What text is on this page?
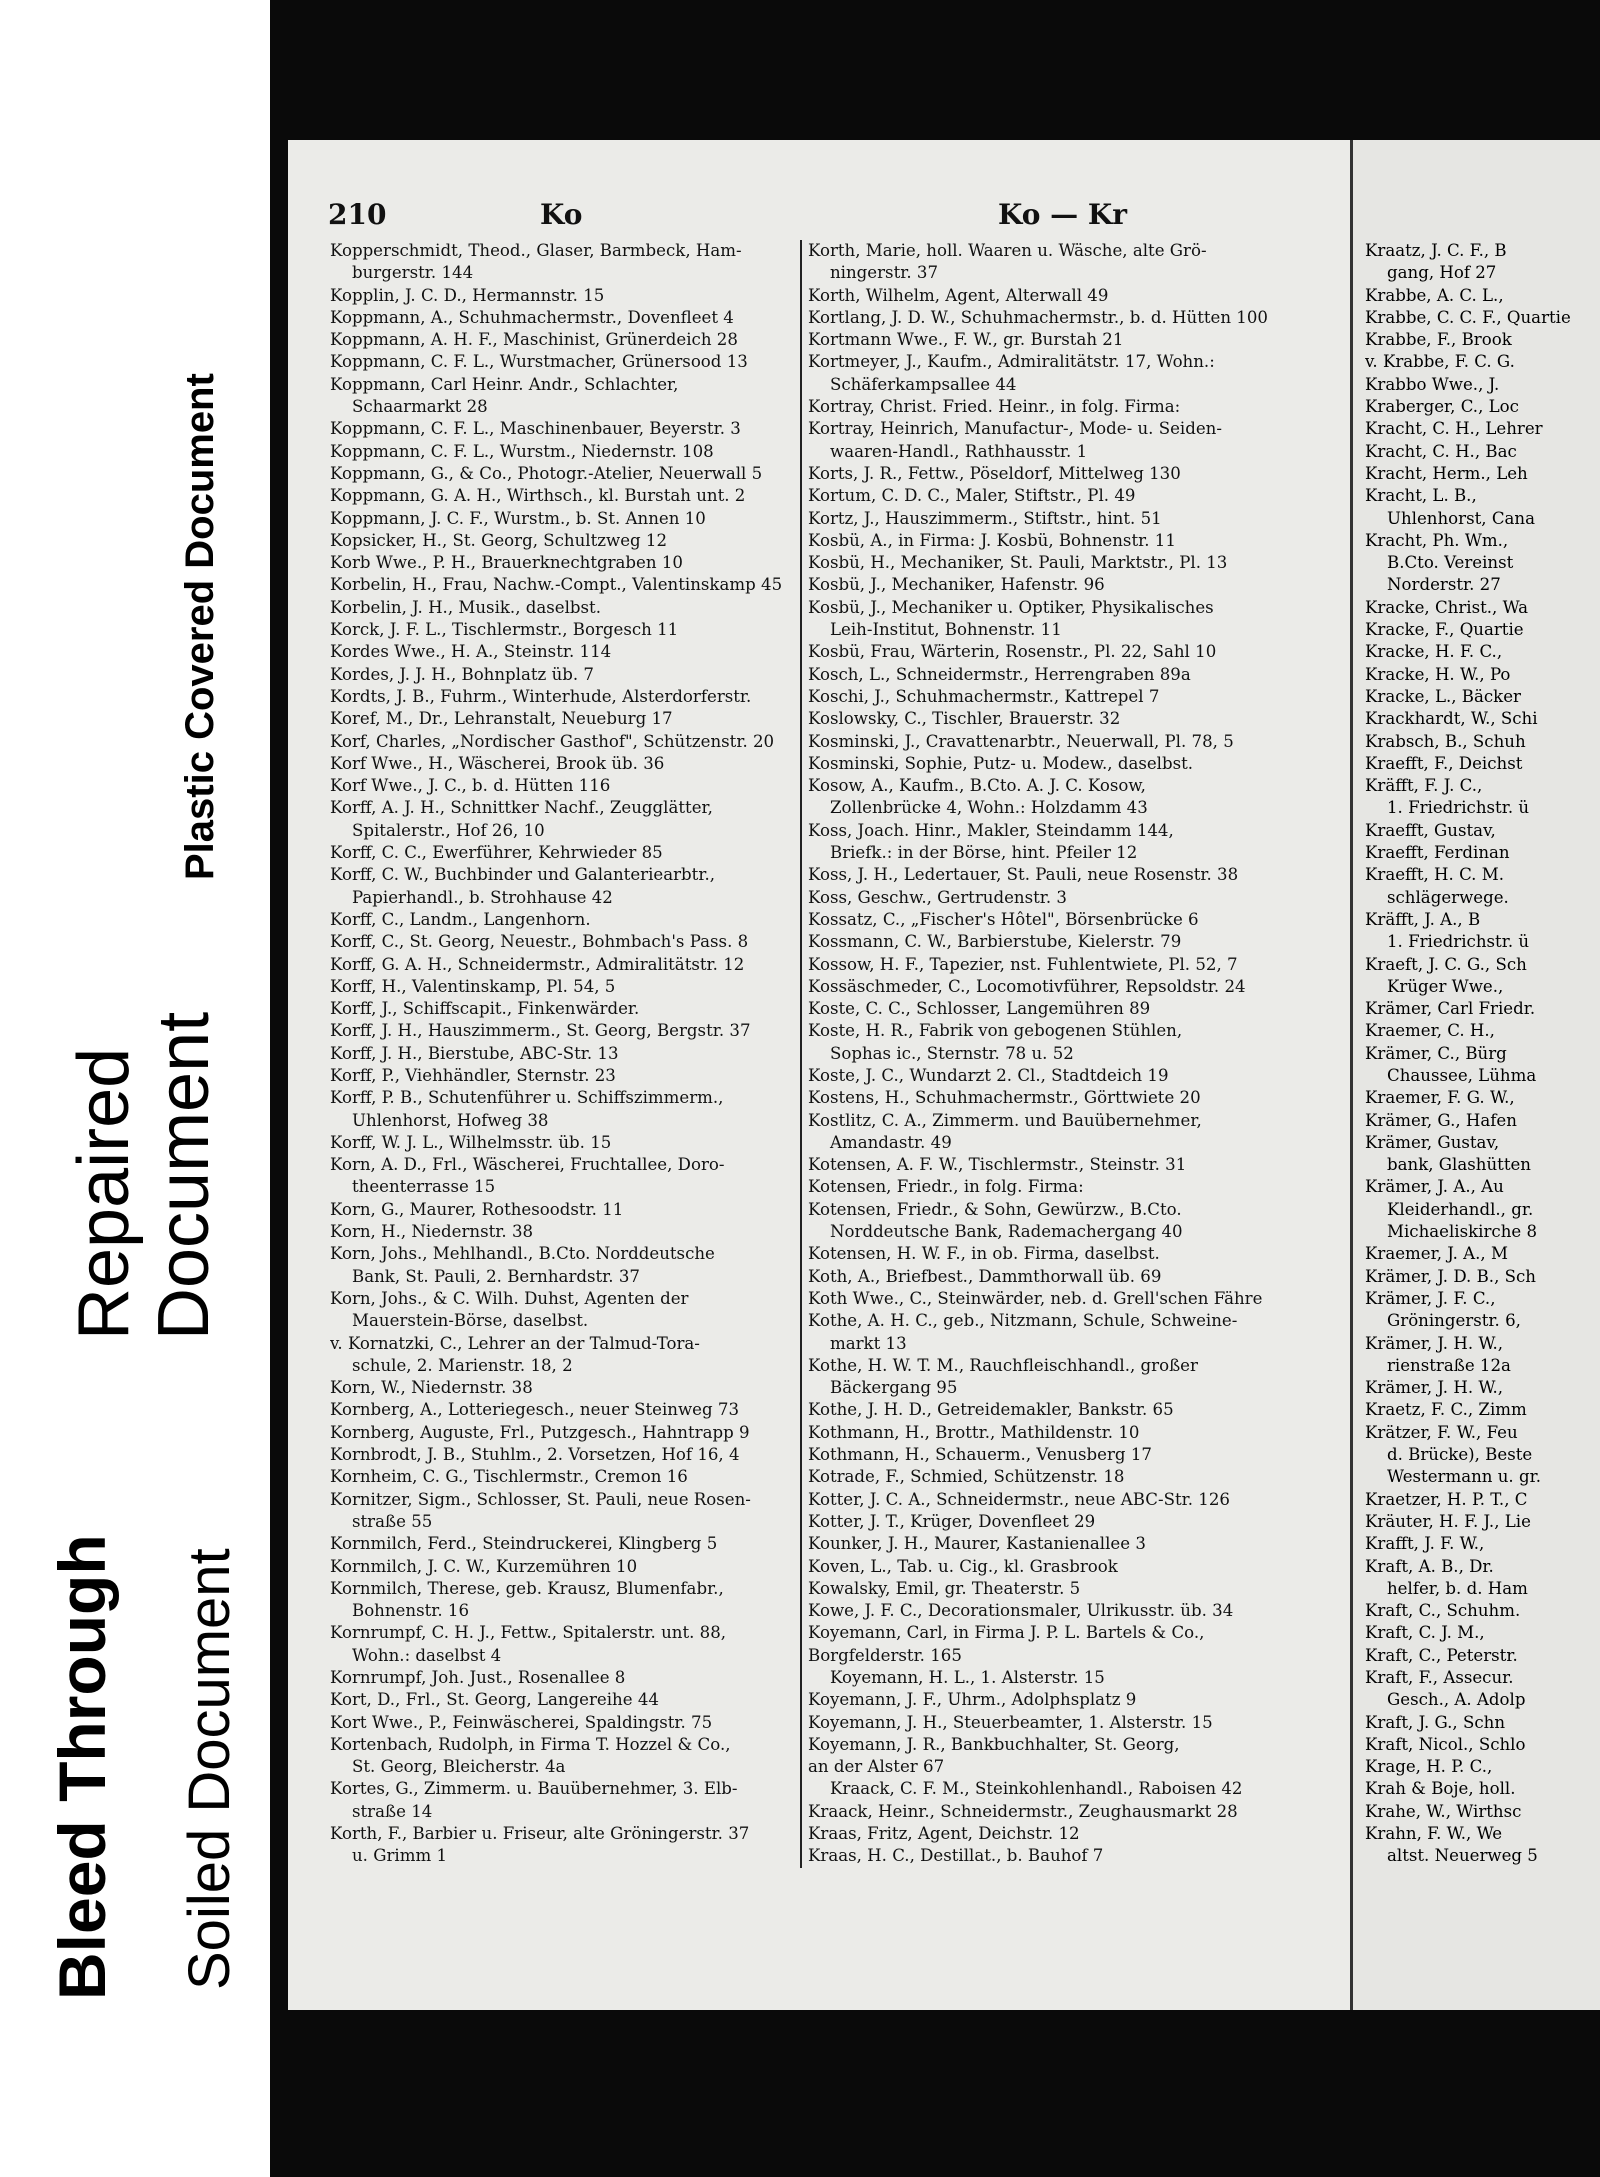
Plastic Covered Document
Repaired Document
Bleed Through Soiled Document
210	Ko	Ko — Kr
Kopperschmidt, Theod., Glaser, Barmbeck, Ham-
burgerstr. 144
Kopplin, J. C. D., Hermannstr. 15
Koppmann, A., Schuhmachermstr., Dovenfleet 4
Koppmann, A. H. F., Maschinist, Grünerdeich 28
Koppmann, C. F. L., Wurstmacher, Grünersood 13
Koppmann, Carl Heinr. Andr., Schlachter,
Schaarmarkt 28
Koppmann, C. F. L., Maschinenbauer, Beyerstr. 3
Koppmann, C. F. L., Wurstm., Niedernstr. 108
Koppmann, G., & Co., Photogr.-Atelier, Neuerwall 5
Koppmann, G. A. H., Wirthsch., kl. Burstah unt. 2
Koppmann, J. C. F., Wurstm., b. St. Annen 10
Kopsicker, H., St. Georg, Schultzweg 12
Korb Wwe., P. H., Brauerknechtgraben 10
Korbelin, H., Frau, Nachw.-Compt., Valentinskamp 45
Korbelin, J. H., Musik., daselbst.
Korck, J. F. L., Tischlermstr., Borgesch 11
Kordes Wwe., H. A., Steinstr. 114
Kordes, J. J. H., Bohnplatz üb. 7
Kordts, J. B., Fuhrm., Winterhude, Alsterdorferstr.
Koref, M., Dr., Lehranstalt, Neueburg 17
Korf, Charles, „Nordischer Gasthof", Schützenstr. 20
Korf Wwe., H., Wäscherei, Brook üb. 36
Korf Wwe., J. C., b. d. Hütten 116
Korff, A. J. H., Schnittker Nachf., Zeugglätter,
Spitalerstr., Hof 26, 10
Korff, C. C., Ewerführer, Kehrwieder 85
Korff, C. W., Buchbinder und Galanteriearbtr.,
Papierhandl., b. Strohhause 42
Korff, C., Landm., Langenhorn.
Korff, C., St. Georg, Neuestr., Bohmbach's Pass. 8
Korff, G. A. H., Schneidermstr., Admiralitätstr. 12
Korff, H., Valentinskamp, Pl. 54, 5
Korff, J., Schiffscapit., Finkenwärder.
Korff, J. H., Hauszimmerm., St. Georg, Bergstr. 37
Korff, J. H., Bierstube, ABC-Str. 13
Korff, P., Viehhändler, Sternstr. 23
Korff, P. B., Schutenführer u. Schiffszimmerm.,
Uhlenhorst, Hofweg 38
Korff, W. J. L., Wilhelmsstr. üb. 15
Korn, A. D., Frl., Wäscherei, Fruchtallee, Doro-
theenterrasse 15
Korn, G., Maurer, Rothesoodstr. 11
Korn, H., Niedernstr. 38
Korn, Johs., Mehlhandl., B.Cto. Norddeutsche
Bank, St. Pauli, 2. Bernhardstr. 37
Korn, Johs., & C. Wilh. Duhst, Agenten der
Mauerstein-Börse, daselbst.
v. Kornatzki, C., Lehrer an der Talmud-Tora-
schule, 2. Marienstr. 18, 2
Korn, W., Niedernstr. 38
Kornberg, A., Lotteriegesch., neuer Steinweg 73
Kornberg, Auguste, Frl., Putzgesch., Hahntrapp 9
Kornbrodt, J. B., Stuhlm., 2. Vorsetzen, Hof 16, 4
Kornheim, C. G., Tischlermstr., Cremon 16
Kornitzer, Sigm., Schlosser, St. Pauli, neue Rosen-
straße 55
Kornmilch, Ferd., Steindruckerei, Klingberg 5
Kornmilch, J. C. W., Kurzemühren 10
Kornmilch, Therese, geb. Krausz, Blumenfabr.,
Bohnenstr. 16
Kornrumpf, C. H. J., Fettw., Spitalerstr. unt. 88,
Wohn.: daselbst 4
Kornrumpf, Joh. Just., Rosenallee 8
Kort, D., Frl., St. Georg, Langereihe 44
Kort Wwe., P., Feinwäscherei, Spaldingstr. 75
Kortenbach, Rudolph, in Firma T. Hozzel & Co.,
St. Georg, Bleicherstr. 4a
Kortes, G., Zimmerm. u. Bauübernehmer, 3. Elb-
straße 14
Korth, F., Barbier u. Friseur, alte Gröningerstr. 37
u. Grimm 1
Korth, Marie, holl. Waaren u. Wäsche, alte Grö-
ningerstr. 37
Korth, Wilhelm, Agent, Alterwall 49
Kortlang, J. D. W., Schuhmachermstr., b. d. Hütten 100
Kortmann Wwe., F. W., gr. Burstah 21
Kortmeyer, J., Kaufm., Admiralitätstr. 17, Wohn.:
Schäferkampsallee 44
Kortray, Christ. Fried. Heinr., in folg. Firma:
Kortray, Heinrich, Manufactur-, Mode- u. Seiden-
waaren-Handl., Rathhausstr. 1
Korts, J. R., Fettw., Pöseldorf, Mittelweg 130
Kortum, C. D. C., Maler, Stiftstr., Pl. 49
Kortz, J., Hauszimmerm., Stiftstr., hint. 51
Kosbü, A., in Firma: J. Kosbü, Bohnenstr. 11
Kosbü, H., Mechaniker, St. Pauli, Marktstr., Pl. 13
Kosbü, J., Mechaniker, Hafenstr. 96
Kosbü, J., Mechaniker u. Optiker, Physikalisches
Leih-Institut, Bohnenstr. 11
Kosbü, Frau, Wärterin, Rosenstr., Pl. 22, Sahl 10
Kosch, L., Schneidermstr., Herrengraben 89a
Koschi, J., Schuhmachermstr., Kattrepel 7
Koslowsky, C., Tischler, Brauerstr. 32
Kosminski, J., Cravattenarbtr., Neuerwall, Pl. 78, 5
Kosminski, Sophie, Putz- u. Modew., daselbst.
Kosow, A., Kaufm., B.Cto. A. J. C. Kosow,
Zollenbrücke 4, Wohn.: Holzdamm 43
Koss, Joach. Hinr., Makler, Steindamm 144,
Briefk.: in der Börse, hint. Pfeiler 12
Koss, J. H., Ledertauer, St. Pauli, neue Rosenstr. 38
Koss, Geschw., Gertrudenstr. 3
Kossatz, C., „Fischer's Hôtel", Börsenbrücke 6
Kossmann, C. W., Barbierstube, Kielerstr. 79
Kossow, H. F., Tapezier, nst. Fuhlentwiete, Pl. 52, 7
Kossäschmeder, C., Locomotivführer, Repsoldstr. 24
Koste, C. C., Schlosser, Langemühren 89
Koste, H. R., Fabrik von gebogenen Stühlen,
Sophas ic., Sternstr. 78 u. 52
Koste, J. C., Wundarzt 2. Cl., Stadtdeich 19
Kostens, H., Schuhmachermstr., Görttwiete 20
Kostlitz, C. A., Zimmerm. und Bauübernehmer,
Amandastr. 49
Kotensen, A. F. W., Tischlermstr., Steinstr. 31
Kotensen, Friedr., in folg. Firma:
Kotensen, Friedr., & Sohn, Gewürzw., B.Cto.
Norddeutsche Bank, Rademachergang 40
Kotensen, H. W. F., in ob. Firma, daselbst.
Koth, A., Briefbest., Dammthorwall üb. 69
Koth Wwe., C., Steinwärder, neb. d. Grell'schen Fähre
Kothe, A. H. C., geb., Nitzmann, Schule, Schweine-
markt 13
Kothe, H. W. T. M., Rauchfleischhandl., großer
Bäckergang 95
Kothe, J. H. D., Getreidemakler, Bankstr. 65
Kothmann, H., Brottr., Mathildenstr. 10
Kothmann, H., Schauerm., Venusberg 17
Kotrade, F., Schmied, Schützenstr. 18
Kotter, J. C. A., Schneidermstr., neue ABC-Str. 126
Kotter, J. T., Krüger, Dovenfleet 29
Kounker, J. H., Maurer, Kastanienallee 3
Koven, L., Tab. u. Cig., kl. Grasbrook
Kowalsky, Emil, gr. Theaterstr. 5
Kowe, J. F. C., Decorationsmaler, Ulrikusstr. üb. 34
Koyemann, Carl, in Firma J. P. L. Bartels & Co.,
Borgfelderstr. 165
Koyemann, H. L., 1. Alsterstr. 15
Koyemann, J. F., Uhrm., Adolphsplatz 9
Koyemann, J. H., Steuerbeamter, 1. Alsterstr. 15
Koyemann, J. R., Bankbuchhalter, St. Georg,
an der Alster 67
Kraack, C. F. M., Steinkohlenhandl., Raboisen 42
Kraack, Heinr., Schneidermstr., Zeughausmarkt 28
Kraas, Fritz, Agent, Deichstr. 12
Kraas, H. C., Destillat., b. Bauhof 7
Kraatz, J. C. F., B
gang, Hof 27
Krabbe, A. C. L.,
Krabbe, C. C. F., Quartie
Krabbe, F., Brook
v. Krabbe, F. C. G.
Krabbo Wwe., J.
Kraberger, C., Loc
Kracht, C. H., Lehrer
Kracht, C. H., Bac
Kracht, Herm., Leh
Kracht, L. B.,
Uhlenhorst, Cana
Kracht, Ph. Wm.,
B.Cto. Vereinst
Norderstr. 27
Kracke, Christ., Wa
Kracke, F., Quartie
Kracke, H. F. C.,
Kracke, H. W., Po
Kracke, L., Bäcker
Krackhardt, W., Schi
Krabsch, B., Schuh
Kraefft, F., Deichst
Kräfft, F. J. C.,
1. Friedrichstr. ü
Kraefft, Gustav,
Kraefft, Ferdinan
Kraefft, H. C. M.
schlägerwege.
Kräfft, J. A., B
1. Friedrichstr. ü
Kraeft, J. C. G., Sch
Krüger Wwe.,
Krämer, Carl Friedr.
Kraemer, C. H.,
Krämer, C., Bürg
Chaussee, Lühma
Kraemer, F. G. W.,
Krämer, G., Hafen
Krämer, Gustav,
bank, Glashütten
Krämer, J. A., Au
Kleiderhandl., gr.
Michaeliskirche 8
Kraemer, J. A., M
Krämer, J. D. B., Sch
Krämer, J. F. C.,
Gröningerstr. 6,
Krämer, J. H. W.,
rienstraße 12a
Krämer, J. H. W.,
Kraetz, F. C., Zimm
Krätzer, F. W., Feu
d. Brücke), Beste
Westermann u. gr.
Kraetzer, H. P. T., C
Kräuter, H. F. J., Lie
Krafft, J. F. W.,
Kraft, A. B., Dr.
helfer, b. d. Ham
Kraft, C., Schuhm.
Kraft, C. J. M.,
Kraft, C., Peterstr.
Kraft, F., Assecur.
Gesch., A. Adolp
Kraft, J. G., Schn
Kraft, Nicol., Schlo
Krage, H. P. C.,
Krah & Boje, holl.
Krahe, W., Wirthsc
Krahn, F. W., We
altst. Neuerweg 5
